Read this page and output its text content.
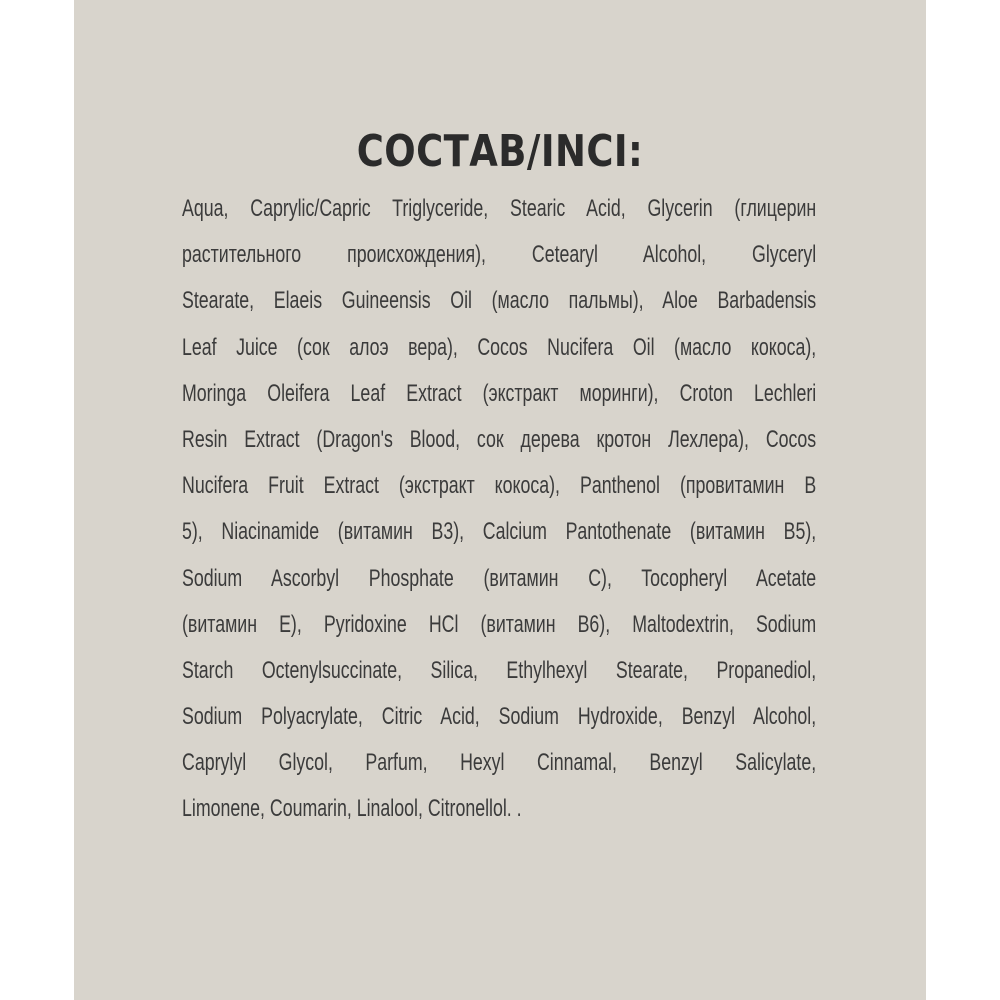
СОСТАВ/INCI:
Aqua, Caprylic/Capric Triglyceride, Stearic Acid, Glycerin (глицерин
растительного происхождения), Cetearyl Alcohol, Glyceryl
Stearate, Elaeis Guineensis Oil (масло пальмы), Aloe Barbadensis
Leaf Juice (сок алоэ вера), Cocos Nucifera Oil (масло кокоса),
Moringa Oleifera Leaf Extract (экстракт моринги), Croton Lechleri
Resin Extract (Dragon's Blood, сок дерева кротон Лехлера), Cocos
Nucifera Fruit Extract (экстракт кокоса), Panthenol (провитамин B
5), Niacinamide (витамин B3), Calcium Pantothenate (витамин B5),
Sodium Ascorbyl Phosphate (витамин C), Tocopheryl Acetate
(витамин E), Pyridoxine HCl (витамин B6), Maltodextrin, Sodium
Starch Octenylsuccinate, Silica, Ethylhexyl Stearate, Propanediol,
Sodium Polyacrylate, Citric Acid, Sodium Hydroxide, Benzyl Alcohol,
Caprylyl Glycol, Parfum, Hexyl Cinnamal, Benzyl Salicylate,
Limonene, Coumarin, Linalool, Citronellol. .
